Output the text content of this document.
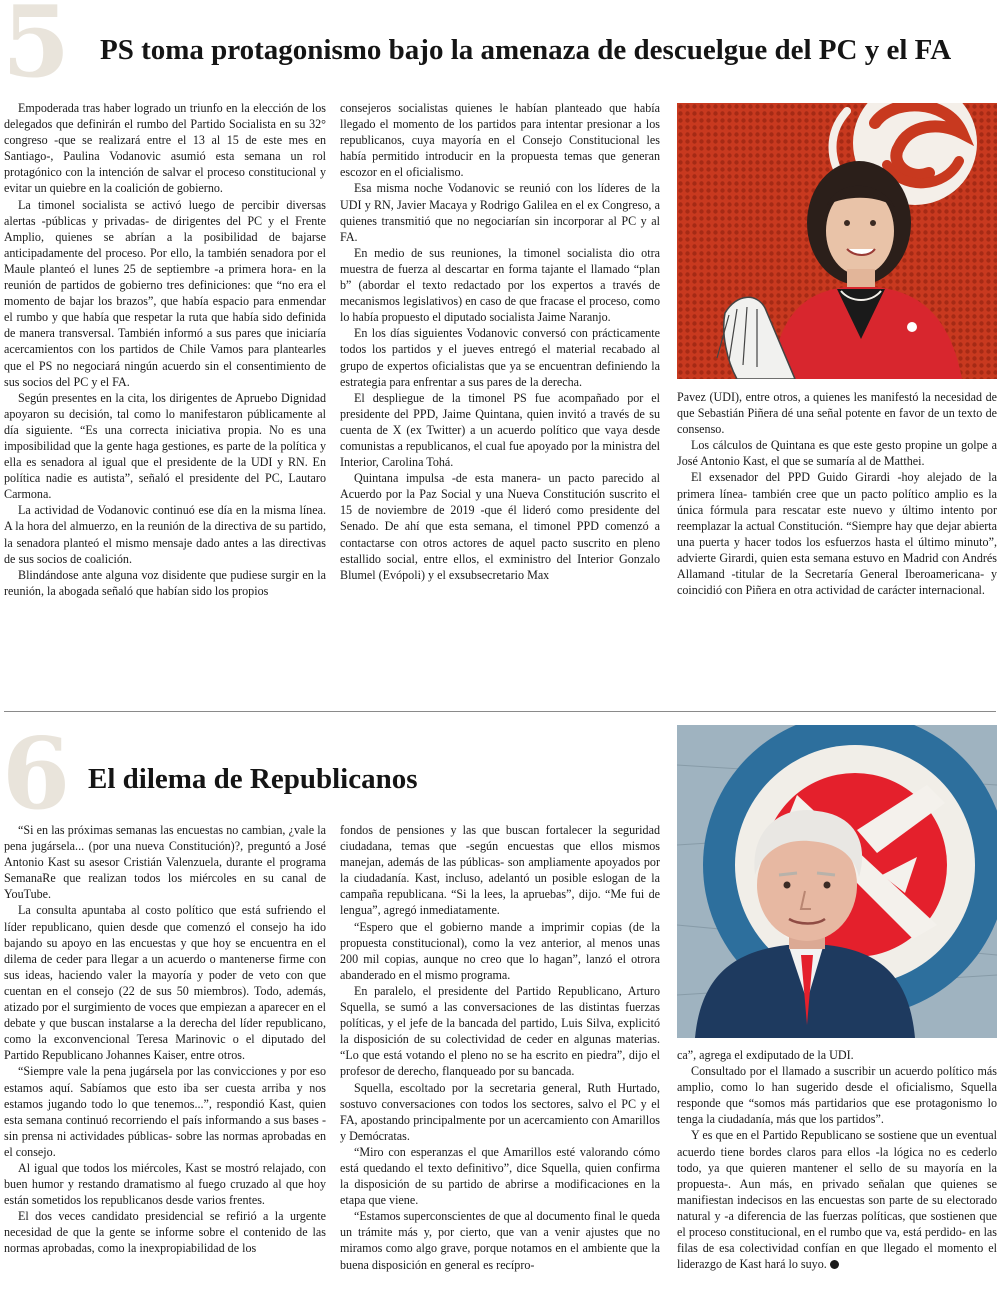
5 PS toma protagonismo bajo la amenaza de descuelgue del PC y el FA

Empoderada tras haber logrado un triunfo en la elección de los delegados que definirán el rumbo del Partido Socialista en su 32° congreso -que se realizará entre el 13 al 15 de este mes en Santiago-, Paulina Vodanovic asumió esta semana un rol protagónico con la intención de salvar el proceso constitucional y evitar un quiebre en la coalición de gobierno.

La timonel socialista se activó luego de percibir diversas alertas -públicas y privadas- de dirigentes del PC y el Frente Amplio, quienes se abrían a la posibilidad de bajarse anticipadamente del proceso. Por ello, la también senadora por el Maule planteó el lunes 25 de septiembre -a primera hora- en la reunión de partidos de gobierno tres definiciones: que “no era el momento de bajar los brazos”, que había espacio para enmendar el rumbo y que había que respetar la ruta que había sido definida de manera transversal. También informó a sus pares que iniciaría acercamientos con los partidos de Chile Vamos para plantearles que el PS no negociará ningún acuerdo sin el consentimiento de sus socios del PC y el FA.

Según presentes en la cita, los dirigentes de Apruebo Dignidad apoyaron su decisión, tal como lo manifestaron públicamente al día siguiente. “Es una correcta iniciativa propia. No es una imposibilidad que la gente haga gestiones, es parte de la política y ella es senadora al igual que el presidente de la UDI y RN. En política nadie es autista”, señaló el presidente del PC, Lautaro Carmona.

La actividad de Vodanovic continuó ese día en la misma línea. A la hora del almuerzo, en la reunión de la directiva de su partido, la senadora planteó el mismo mensaje dado antes a las directivas de sus socios de coalición.

Blindándose ante alguna voz disidente que pudiese surgir en la reunión, la abogada señaló que habían sido los propios

consejeros socialistas quienes le habían planteado que había llegado el momento de los partidos para intentar presionar a los republicanos, cuya mayoría en el Consejo Constitucional les había permitido introducir en la propuesta temas que generan escozor en el oficialismo.

Esa misma noche Vodanovic se reunió con los líderes de la UDI y RN, Javier Macaya y Rodrigo Galilea en el ex Congreso, a quienes transmitió que no negociarían sin incorporar al PC y al FA.

En medio de sus reuniones, la timonel socialista dio otra muestra de fuerza al descartar en forma tajante el llamado “plan b” (abordar el texto redactado por los expertos a través de mecanismos legislativos) en caso de que fracase el proceso, como lo había propuesto el diputado socialista Jaime Naranjo.

En los días siguientes Vodanovic conversó con prácticamente todos los partidos y el jueves entregó el material recabado al grupo de expertos oficialistas que ya se encuentran definiendo la estrategia para enfrentar a sus pares de la derecha.

El despliegue de la timonel PS fue acompañado por el presidente del PPD, Jaime Quintana, quien invitó a través de su cuenta de X (ex Twitter) a un acuerdo político que vaya desde comunistas a republicanos, el cual fue apoyado por la ministra del Interior, Carolina Tohá.

Quintana impulsa -de esta manera- un pacto parecido al Acuerdo por la Paz Social y una Nueva Constitución suscrito el 15 de noviembre de 2019 -que él lideró como presidente del Senado. De ahí que esta semana, el timonel PPD comenzó a contactarse con otros actores de aquel pacto suscrito en pleno estallido social, entre ellos, el exministro del Interior Gonzalo Blumel (Evópoli) y el exsubsecretario Max

Pavez (UDI), entre otros, a quienes les manifestó la necesidad de que Sebastián Piñera dé una señal potente en favor de un texto de consenso.

Los cálculos de Quintana es que este gesto propine un golpe a José Antonio Kast, el que se sumaría al de Matthei.

El exsenador del PPD Guido Girardi -hoy alejado de la primera línea- también cree que un pacto político amplio es la única fórmula para rescatar este nuevo y último intento por reemplazar la actual Constitución. “Siempre hay que dejar abierta una puerta y hacer todos los esfuerzos hasta el último minuto”, advierte Girardi, quien esta semana estuvo en Madrid con Andrés Allamand -titular de la Secretaría General Iberoamericana- y coincidió con Piñera en otra actividad de carácter internacional.

6 El dilema de Republicanos

“Si en las próximas semanas las encuestas no cambian, ¿vale la pena jugársela... (por una nueva Constitución)?, preguntó a José Antonio Kast su asesor Cristián Valenzuela, durante el programa SemanaRe que realizan todos los miércoles en su canal de YouTube.

La consulta apuntaba al costo político que está sufriendo el líder republicano, quien desde que comenzó el consejo ha ido bajando su apoyo en las encuestas y que hoy se encuentra en el dilema de ceder para llegar a un acuerdo o mantenerse firme con sus ideas, haciendo valer la mayoría y poder de veto con que cuentan en el consejo (22 de sus 50 miembros). Todo, además, atizado por el surgimiento de voces que empiezan a aparecer en el debate y que buscan instalarse a la derecha del líder republicano, como la exconvencional Teresa Marinovic o el diputado del Partido Republicano Johannes Kaiser, entre otros.

“Siempre vale la pena jugársela por las convicciones y por eso estamos aquí. Sabíamos que esto iba ser cuesta arriba y nos estamos jugando todo lo que tenemos...”, respondió Kast, quien esta semana continuó recorriendo el país informando a sus bases -sin prensa ni actividades públicas- sobre las normas aprobadas en el consejo.

Al igual que todos los miércoles, Kast se mostró relajado, con buen humor y restando dramatismo al fuego cruzado al que hoy están sometidos los republicanos desde varios frentes.

El dos veces candidato presidencial se refirió a la urgente necesidad de que la gente se informe sobre el contenido de las normas aprobadas, como la inexpropiabilidad de los

fondos de pensiones y las que buscan fortalecer la seguridad ciudadana, temas que -según encuestas que ellos mismos manejan, además de las públicas- son ampliamente apoyados por la ciudadanía. Kast, incluso, adelantó un posible eslogan de la campaña republicana. “Si la lees, la apruebas”, dijo. “Me fui de lengua”, agregó inmediatamente.

“Espero que el gobierno mande a imprimir copias (de la propuesta constitucional), como la vez anterior, al menos unas 200 mil copias, aunque no creo que lo hagan”, lanzó el otrora abanderado en el mismo programa.

En paralelo, el presidente del Partido Republicano, Arturo Squella, se sumó a las conversaciones de las distintas fuerzas políticas, y el jefe de la bancada del partido, Luis Silva, explicitó la disposición de su colectividad de ceder en algunas materias. “Lo que está votando el pleno no se ha escrito en piedra”, dijo el profesor de derecho, flanqueado por su bancada.

Squella, escoltado por la secretaria general, Ruth Hurtado, sostuvo conversaciones con todos los sectores, salvo el PC y el FA, apostando principalmente por un acercamiento con Amarillos y Demócratas.

“Miro con esperanzas el que Amarillos esté valorando cómo está quedando el texto definitivo”, dice Squella, quien confirma la disposición de su partido de abrirse a modificaciones en la etapa que viene.

“Estamos superconscientes de que al documento final le queda un trámite más y, por cierto, que van a venir ajustes que no miramos como algo grave, porque notamos en el ambiente que la buena disposición en general es recípro-

ca”, agrega el exdiputado de la UDI.

Consultado por el llamado a suscribir un acuerdo político más amplio, como lo han sugerido desde el oficialismo, Squella responde que “somos más partidarios que ese protagonismo lo tenga la ciudadanía, más que los partidos”.

Y es que en el Partido Republicano se sostiene que un eventual acuerdo tiene bordes claros para ellos -la lógica no es cederlo todo, ya que quieren mantener el sello de su mayoría en la propuesta-. Aun más, en privado señalan que quienes se manifiestan indecisos en las encuestas son parte de su electorado natural y -a diferencia de las fuerzas políticas, que sostienen que el proceso constitucional, en el rumbo que va, está perdido- en las filas de esa colectividad confían en que llegado el momento el liderazgo de Kast hará lo suyo.
